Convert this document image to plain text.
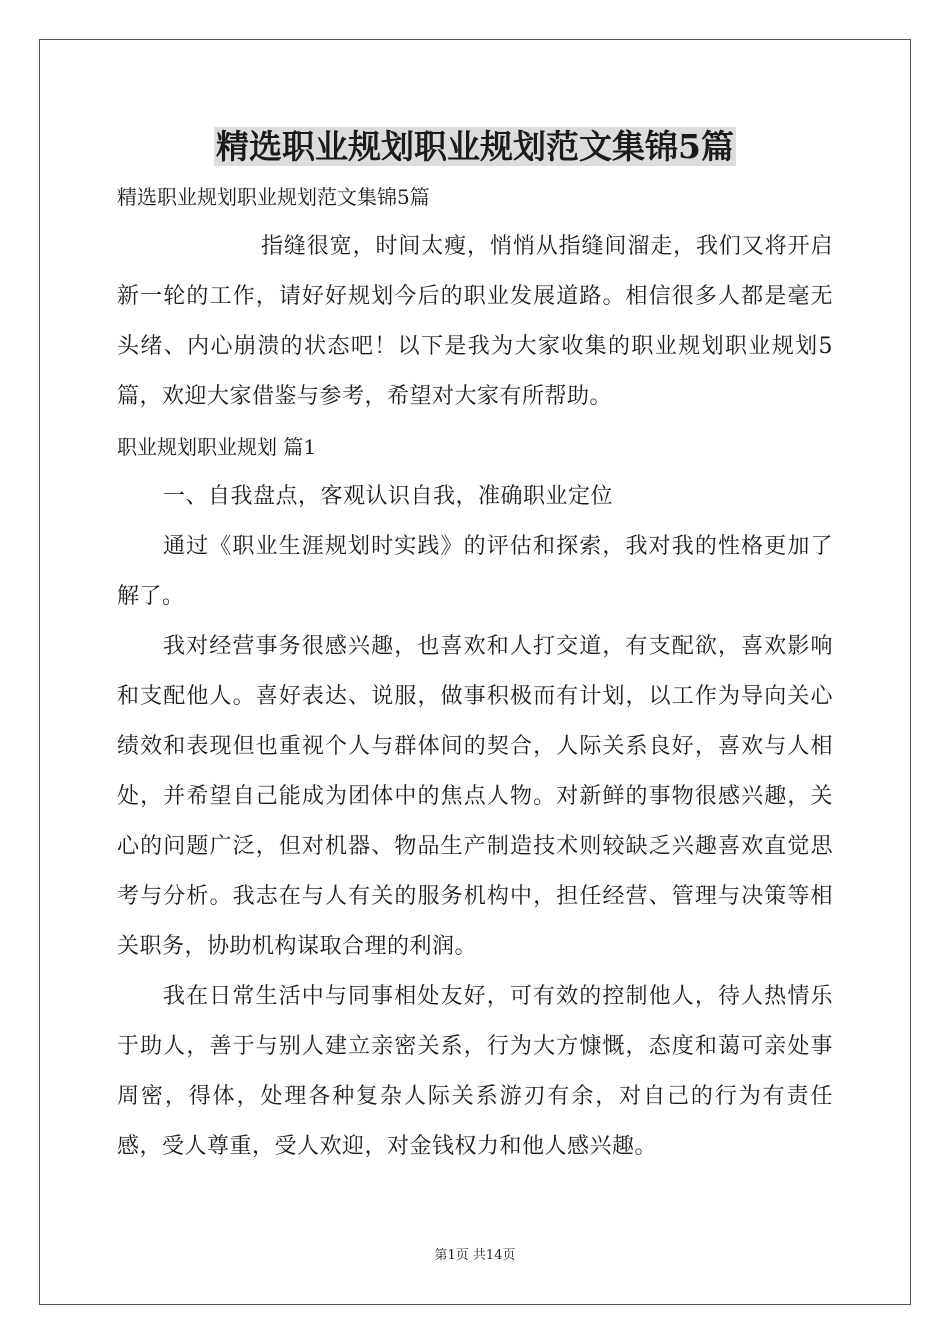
精选职业规划职业规划范文集锦5篇

精选职业规划职业规划范文集锦5篇

指缝很宽，时间太瘦，悄悄从指缝间溜走，我们又将开启新一轮的工作，请好好规划今后的职业发展道路。相信很多人都是毫无头绪、内心崩溃的状态吧！以下是我为大家收集的职业规划职业规划5篇，欢迎大家借鉴与参考，希望对大家有所帮助。

职业规划职业规划 篇1

一、自我盘点，客观认识自我，准确职业定位

通过《职业生涯规划时实践》的评估和探索，我对我的性格更加了解了。

我对经营事务很感兴趣，也喜欢和人打交道，有支配欲，喜欢影响和支配他人。喜好表达、说服，做事积极而有计划，以工作为导向关心绩效和表现但也重视个人与群体间的契合，人际关系良好，喜欢与人相处，并希望自己能成为团体中的焦点人物。对新鲜的事物很感兴趣，关心的问题广泛，但对机器、物品生产制造技术则较缺乏兴趣喜欢直觉思考与分析。我志在与人有关的服务机构中，担任经营、管理与决策等相关职务，协助机构谋取合理的利润。

我在日常生活中与同事相处友好，可有效的控制他人，待人热情乐于助人，善于与别人建立亲密关系，行为大方慷慨，态度和蔼可亲处事周密，得体，处理各种复杂人际关系游刃有余，对自己的行为有责任感，受人尊重，受人欢迎，对金钱权力和他人感兴趣。

第1页 共14页
